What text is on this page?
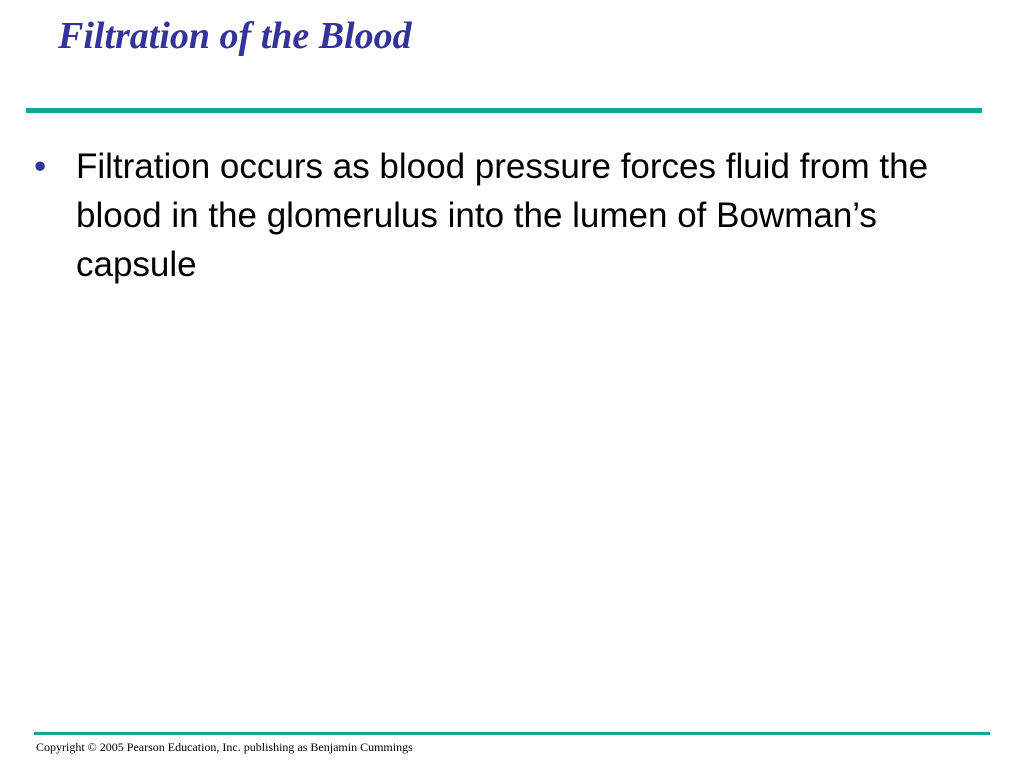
Filtration of the Blood
• Filtration occurs as blood pressure forces fluid from the blood in the glomerulus into the lumen of Bowman’s capsule
Copyright © 2005 Pearson Education, Inc. publishing as Benjamin Cummings
